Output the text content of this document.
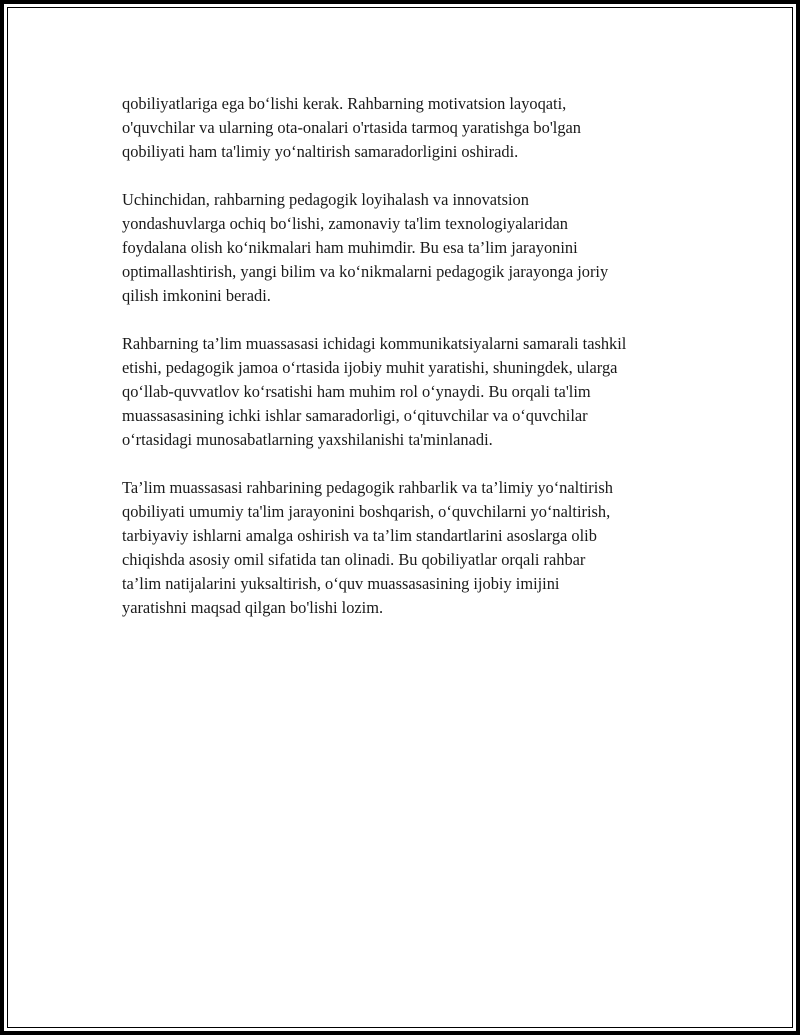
qobiliyatlariga ega bo‘lishi kerak. Rahbarning motivatsion layoqati,
o'quvchilar va ularning ota-onalari o'rtasida tarmoq yaratishga bo'lgan
qobiliyati ham ta'limiy yo‘naltirish samaradorligini oshiradi.

Uchinchidan, rahbarning pedagogik loyihalash va innovatsion
yondashuvlarga ochiq bo‘lishi, zamonaviy ta'lim texnologiyalaridan
foydalana olish ko‘nikmalari ham muhimdir. Bu esa ta’lim jarayonini
optimallashtirish, yangi bilim va ko‘nikmalarni pedagogik jarayonga joriy
qilish imkonini beradi.

Rahbarning ta’lim muassasasi ichidagi kommunikatsiyalarni samarali tashkil
etishi, pedagogik jamoa o‘rtasida ijobiy muhit yaratishi, shuningdek, ularga
qo‘llab-quvvatlov ko‘rsatishi ham muhim rol o‘ynaydi. Bu orqali ta'lim
muassasasining ichki ishlar samaradorligi, o‘qituvchilar va o‘quvchilar
o‘rtasidagi munosabatlarning yaxshilanishi ta'minlanadi.

Ta’lim muassasasi rahbarining pedagogik rahbarlik va ta’limiy yo‘naltirish
qobiliyati umumiy ta'lim jarayonini boshqarish, o‘quvchilarni yo‘naltirish,
tarbiyaviy ishlarni amalga oshirish va ta’lim standartlarini asoslarga olib
chiqishda asosiy omil sifatida tan olinadi. Bu qobiliyatlar orqali rahbar
ta’lim natijalarini yuksaltirish, o‘quv muassasasining ijobiy imijini
yaratishni maqsad qilgan bo'lishi lozim.
